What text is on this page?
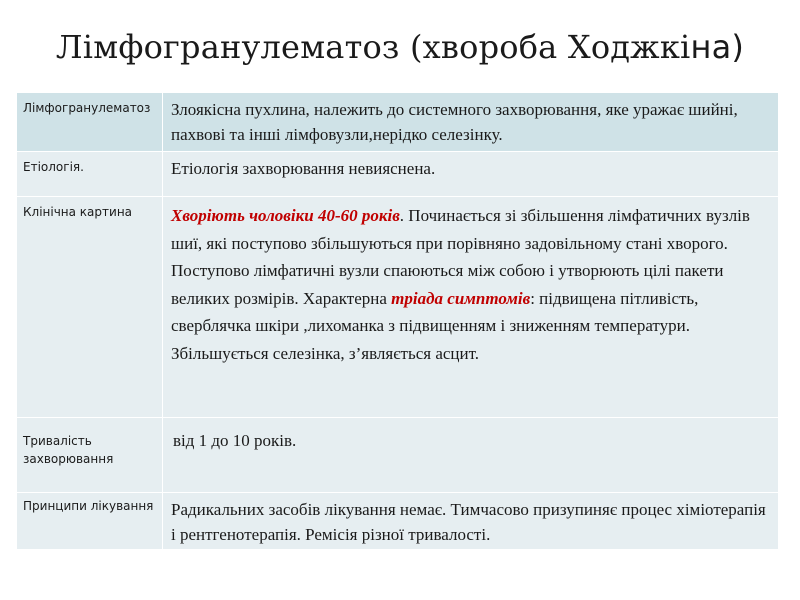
Лімфогранулематоз (хвороба Ходжкіна)
Лімфогранулематоз	Злоякісна пухлина, належить до системного захворювання, яке уражає шийні, пахвові та інші лімфовузли,нерідко селезінку.

Етіологія.	Етіологія захворювання невияснена.

Клінічна картина	Хворіють чоловіки 40-60 років. Починається зі збільшення лімфатичних вузлів шиї, які поступово збільшуються при порівняно задовільному стані хворого. Поступово лімфатичні вузли спаюються між собою і утворюють цілі пакети великих розмірів. Характерна тріада симптомів: підвищена пітливість, сверблячка шкіри ,лихоманка з підвищенням і зниженням температури. Збільшується селезінка, з’являється асцит.

Тривалість захворювання	від 1 до 10 років.

Принципи лікування	Радикальних засобів лікування немає. Тимчасово призупиняє процес хіміотерапія і рентгенотерапія. Ремісія різної тривалості.
